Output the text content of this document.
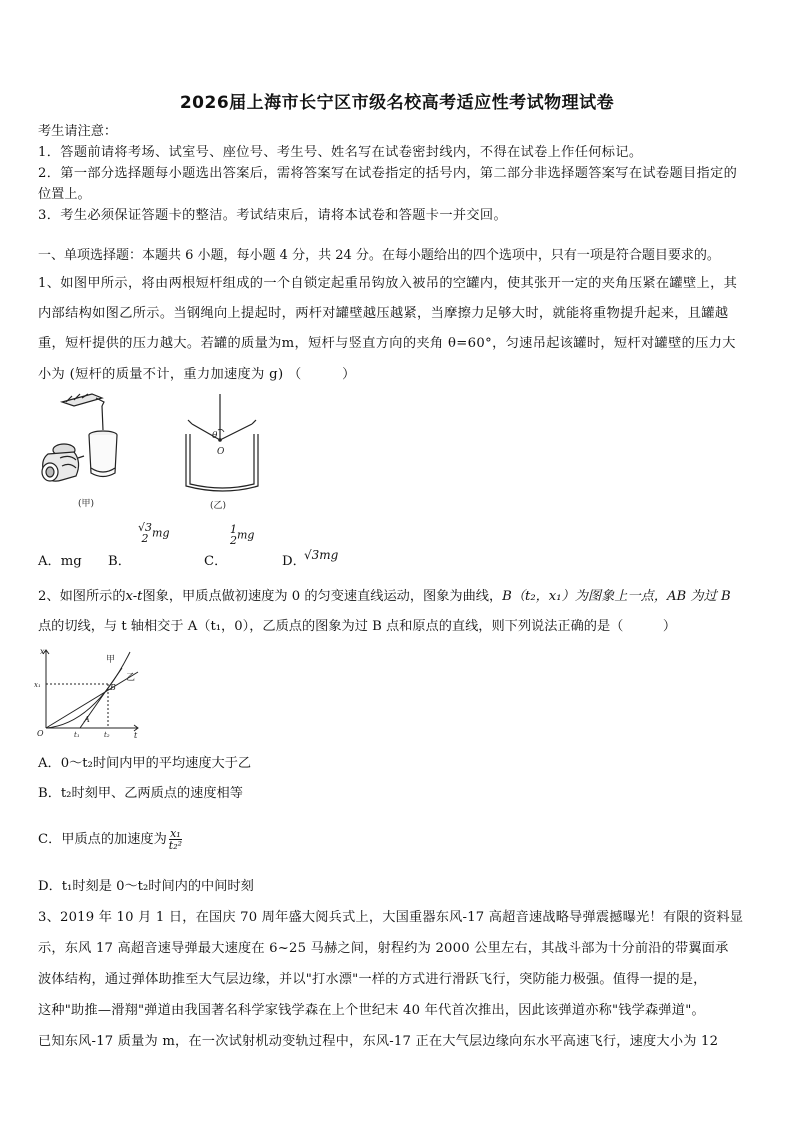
2026届上海市长宁区市级名校高考适应性考试物理试卷
考生请注意：
1．答题前请将考场、试室号、座位号、考生号、姓名写在试卷密封线内，不得在试卷上作任何标记。
2．第一部分选择题每小题选出答案后，需将答案写在试卷指定的括号内，第二部分非选择题答案写在试卷题目指定的
位置上。
3．考生必须保证答题卡的整洁。考试结束后，请将本试卷和答题卡一并交回。
一、单项选择题：本题共 6 小题，每小题 4 分，共 24 分。在每小题给出的四个选项中，只有一项是符合题目要求的。
1、如图甲所示，将由两根短杆组成的一个自锁定起重吊钩放入被吊的空罐内，使其张开一定的夹角压紧在罐壁上，其
内部结构如图乙所示。当钢绳向上提起时，两杆对罐壁越压越紧，当摩擦力足够大时，就能将重物提升起来，且罐越
重，短杆提供的压力越大。若罐的质量为m，短杆与竖直方向的夹角 θ=60°，匀速吊起该罐时，短杆对罐壁的压力大
小为 (短杆的质量不计，重力加速度为 g) （　　　）
(甲)
θ
O
(乙)
A．mg B．
√3
2 mg
C．
1
2mg
D．
√3mg
2、如图所示的x-t图象，甲质点做初速度为 0 的匀变速直线运动，图象为曲线，B（t₂，x₁）为图象上一点，AB 为过 B
点的切线，与 t 轴相交于 A（t₁，0），乙质点的图象为过 B 点和原点的直线，则下列说法正确的是（　　　）
x
t
O
x₁
t₁	t₂
A
B
甲
乙
A．0～t₂时间内甲的平均速度大于乙
B．t₂时刻甲、乙两质点的速度相等
C．甲质点的加速度为 $\frac{\text{x₁}}{\text{t₂²}}$
D．t₁时刻是 0～t₂时间内的中间时刻
3、2019 年 10 月 1 日，在国庆 70 周年盛大阅兵式上，大国重器东风-17 高超音速战略导弹震撼曝光！有限的资料显
示，东风 17 高超音速导弹最大速度在 6~25 马赫之间，射程约为 2000 公里左右，其战斗部为十分前沿的带翼面承
波体结构，通过弹体助推至大气层边缘，并以"打水漂"一样的方式进行滑跃飞行，突防能力极强。值得一提的是，
这种"助推—滑翔"弹道由我国著名科学家钱学森在上个世纪末 40 年代首次推出，因此该弹道亦称"钱学森弹道"。
已知东风-17 质量为 m，在一次试射机动变轨过程中，东风-17 正在大气层边缘向东水平高速飞行，速度大小为 12
